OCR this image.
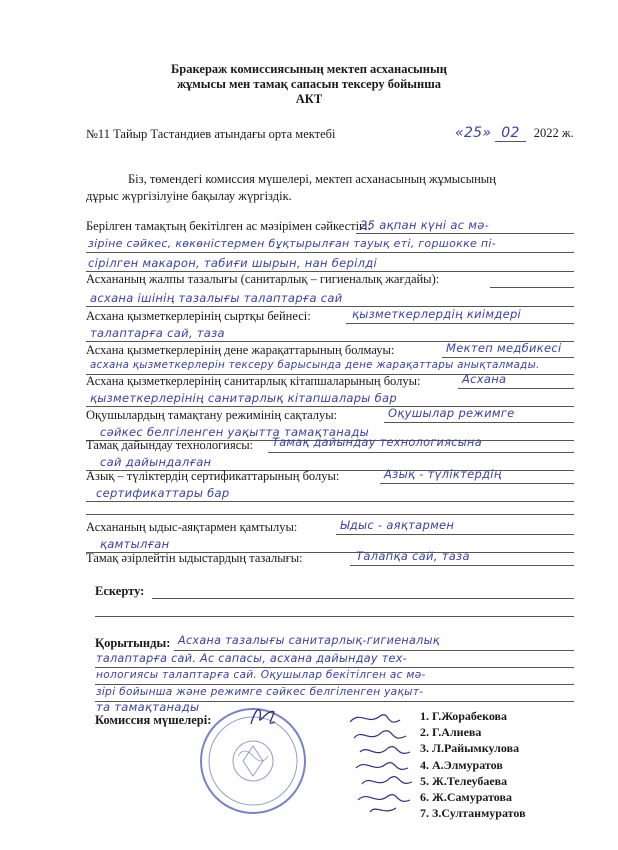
Бракераж комиссиясының мектеп асханасының
жұмысы мен тамақ сапасын тексеру бойынша
АКТ
№11 Тайыр Тастандиев атындағы орта мектебі	«25» 02 2022 ж.
Біз, төмендегі комиссия мүшелері, мектеп асханасының жұмысының
дұрыс жүргізілуіне бақылау жүргіздік.
Берілген тамақтың бекітілген ас мәзірімен сәйкестігі:
25 ақпан күні ас мә-
зіріне сәйкес, көкөністермен бұқтырылған тауық еті, горшокке пі-
сірілген макарон, табиғи шырын, нан берілді
Асхананың жалпы тазалығы (санитарлық – гигиеналық жағдайы):
асхана ішінің тазалығы талаптарға сай
Асхана қызметкерлерінің сыртқы бейнесі:	қызметкерлердің киімдері
талаптарға сай, таза
Асхана қызметкерлерінің дене жарақаттарының болмауы:	Мектеп медбикесі
асхана қызметкерлерін тексеру барысында дене жарақаттары анықталмады.
Асхана қызметкерлерінің санитарлық кітапшаларының болуы:	Асхана
қызметкерлерінің санитарлық кітапшалары бар
Оқушылардың тамақтану режимінің сақталуы:	Оқушылар режимге
сәйкес белгіленген уақытта тамақтанады
Тамақ дайындау технологиясы: Тамақ дайындау технологиясына
сай дайындалған
Азық – түліктердің сертификаттарының болуы:	Азық - түліктердің
сертификаттары бар
Асхананың ыдыс-аяқтармен қамтылуы:	Ыдыс - аяқтармен
қамтылған
Тамақ әзірлейтін ыдыстардың тазалығы:	Талапқа сай, таза
Ескерту:
Қорытынды: Асхана тазалығы санитарлық-гигиеналық
талаптарға сай. Ас сапасы, асхана дайындау тех-
нологиясы талаптарға сай. Оқушылар бекітілген ас мә-
зірі бойынша және режимге сәйкес белгіленген уақыт-
та тамақтанады
Комиссия мүшелері:	1. Г.Жорабекова
2. Г.Алиева
3. Л.Райымкулова
4. А.Элмуратов
5. Ж.Телеубаева
6. Ж.Самуратова
7. З.Султанмуратов
